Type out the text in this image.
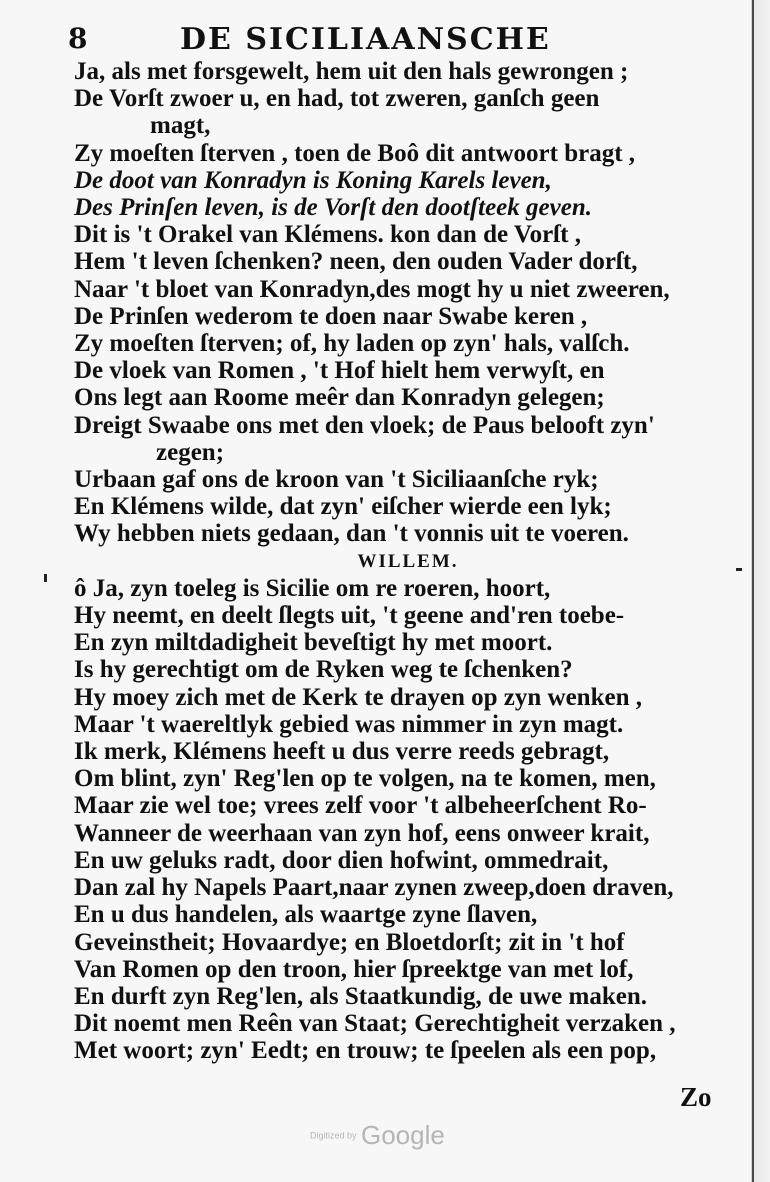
8	DE SICILIAANSCHE
Ja, als met forsgewelt, hem uit den hals gewrongen ;
De Vorſt zwoer u, en had, tot zweren, ganſch geen
magt,
Zy moeſten ſterven , toen de Boô dit antwoort bragt ,
De doot van Konradyn is Koning Karels leven,
Des Prinſen leven, is de Vorſt den dootſteek geven.
Dit is 't Orakel van Klémens. kon dan de Vorſt ,
Hem 't leven ſchenken? neen, den ouden Vader dorſt,
Naar 't bloet van Konradyn,des mogt hy u niet zweeren,
De Prinſen wederom te doen naar Swabe keren ,
Zy moeſten ſterven; of, hy laden op zyn' hals, valſch.
De vloek van Romen , 't Hof hielt hem verwyſt, en
Ons legt aan Roome meêr dan Konradyn gelegen;
Dreigt Swaabe ons met den vloek; de Paus belooft zyn'
zegen;
Urbaan gaf ons de kroon van 't Siciliaanſche ryk;
En Klémens wilde, dat zyn' eiſcher wierde een lyk;
Wy hebben niets gedaan, dan 't vonnis uit te voeren.
WILLEM.
ô Ja, zyn toeleg is Sicilie om re roeren, hoort,
Hy neemt, en deelt ſlegts uit, 't geene and'ren toebe-
En zyn miltdadigheit beveſtigt hy met moort.
Is hy gerechtigt om de Ryken weg te ſchenken?
Hy moey zich met de Kerk te drayen op zyn wenken ,
Maar 't waereltlyk gebied was nimmer in zyn magt.
Ik merk, Klémens heeft u dus verre reeds gebragt,
Om blint, zyn' Reg'len op te volgen, na te komen, men,
Maar zie wel toe; vrees zelf voor 't albeheerſchent Ro-
Wanneer de weerhaan van zyn hof, eens onweer krait,
En uw geluks radt, door dien hofwint, ommedrait,
Dan zal hy Napels Paart,naar zynen zweep,doen draven,
En u dus handelen, als waartge zyne ſlaven,
Geveinstheit; Hovaardye; en Bloetdorſt; zit in 't hof
Van Romen op den troon, hier ſpreektge van met lof,
En durft zyn Reg'len, als Staatkundig, de uwe maken.
Dit noemt men Reên van Staat; Gerechtigheit verzaken ,
Met woort; zyn' Eedt; en trouw; te ſpeelen als een pop,
Zo
Digitized by Google
